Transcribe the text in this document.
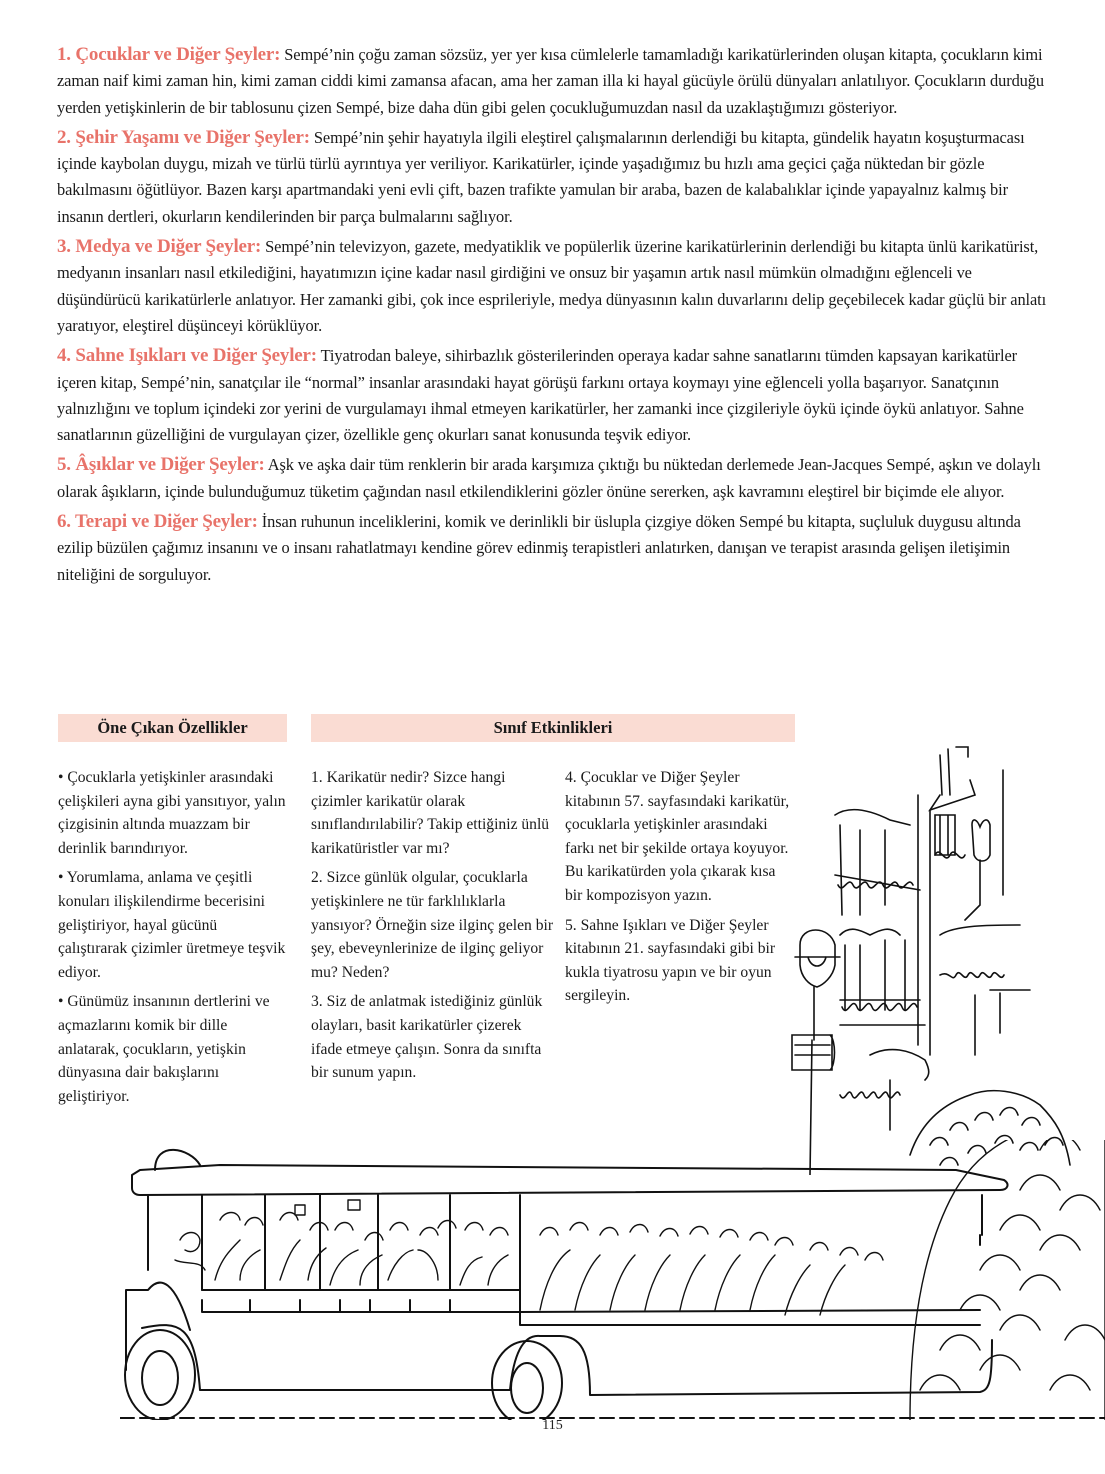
1. Çocuklar ve Diğer Şeyler: Sempé’nin çoğu zaman sözsüz, yer yer kısa cümlelerle tamamladığı karikatürlerinden oluşan kitapta, çocukların kimi zaman naif kimi zaman hin, kimi zaman ciddi kimi zamansa afacan, ama her zaman illa ki hayal gücüyle örülü dünyaları anlatılıyor. Çocukların durduğu yerden yetişkinlerin de bir tablosunu çizen Sempé, bize daha dün gibi gelen çocukluğumuzdan nasıl da uzaklaştığımızı gösteriyor.

2. Şehir Yaşamı ve Diğer Şeyler: Sempé’nin şehir hayatıyla ilgili eleştirel çalışmalarının derlendiği bu kitapta, gündelik hayatın koşuşturmacası içinde kaybolan duygu, mizah ve türlü türlü ayrıntıya yer veriliyor. Karikatürler, içinde yaşadığımız bu hızlı ama geçici çağa nüktedan bir gözle bakılmasını öğütlüyor. Bazen karşı apartmandaki yeni evli çift, bazen trafikte yamulan bir araba, bazen de kalabalıklar içinde yapayalnız kalmış bir insanın dertleri, okurların kendilerinden bir parça bulmalarını sağlıyor.

3. Medya ve Diğer Şeyler: Sempé’nin televizyon, gazete, medyatiklik ve popülerlik üzerine karikatürlerinin derlendiği bu kitapta ünlü karikatürist, medyanın insanları nasıl etkilediğini, hayatımızın içine kadar nasıl girdiğini ve onsuz bir yaşamın artık nasıl mümkün olmadığını eğlenceli ve düşündürücü karikatürlerle anlatıyor. Her zamanki gibi, çok ince esprileriyle, medya dünyasının kalın duvarlarını delip geçebilecek kadar güçlü bir anlatı yaratıyor, eleştirel düşünceyi körüklüyor.

4. Sahne Işıkları ve Diğer Şeyler: Tiyatrodan baleye, sihirbazlık gösterilerinden operaya kadar sahne sanatlarını tümden kapsayan karikatürler içeren kitap, Sempé’nin, sanatçılar ile “normal” insanlar arasındaki hayat görüşü farkını ortaya koymayı yine eğlenceli yolla başarıyor. Sanatçının yalnızlığını ve toplum içindeki zor yerini de vurgulamayı ihmal etmeyen karikatürler, her zamanki ince çizgileriyle öykü içinde öykü anlatıyor. Sahne sanatlarının güzelliğini de vurgulayan çizer, özellikle genç okurları sanat konusunda teşvik ediyor.

5. Âşıklar ve Diğer Şeyler: Aşk ve aşka dair tüm renklerin bir arada karşımıza çıktığı bu nüktedan derlemede Jean-Jacques Sempé, aşkın ve dolaylı olarak âşıkların, içinde bulunduğumuz tüketim çağından nasıl etkilendiklerini gözler önüne sererken, aşk kavramını eleştirel bir biçimde ele alıyor.

6. Terapi ve Diğer Şeyler: İnsan ruhunun inceliklerini, komik ve derinlikli bir üslupla çizgiye döken Sempé bu kitapta, suçluluk duygusu altında ezilip büzülen çağımız insanını ve o insanı rahatlatmayı kendine görev edinmiş terapistleri anlatırken, danışan ve terapist arasında gelişen iletişimin niteliğini de sorguluyor.

Öne Çıkan Özellikler	Sınıf Etkinlikleri

• Çocuklarla yetişkinler arasındaki çelişkileri ayna gibi yansıtıyor, yalın çizgisinin altında muazzam bir derinlik barındırıyor.

• Yorumlama, anlama ve çeşitli konuları ilişkilendirme becerisini geliştiriyor, hayal gücünü çalıştırarak çizimler üretmeye teşvik ediyor.

• Günümüz insanının dertlerini ve açmazlarını komik bir dille anlatarak, çocukların, yetişkin dünyasına dair bakışlarını geliştiriyor.

1. Karikatür nedir? Sizce hangi çizimler karikatür olarak sınıflandırılabilir? Takip ettiğiniz ünlü karikatüristler var mı?

2. Sizce günlük olgular, çocuklarla yetişkinlere ne tür farklılıklarla yansıyor? Örneğin size ilginç gelen bir şey, ebeveynlerinize de ilginç geliyor mu? Neden?

3. Siz de anlatmak istediğiniz günlük olayları, basit karikatürler çizerek ifade etmeye çalışın. Sonra da sınıfta bir sunum yapın.

4. Çocuklar ve Diğer Şeyler kitabının 57. sayfasındaki karikatür, çocuklarla yetişkinler arasındaki farkı net bir şekilde ortaya koyuyor. Bu karikatürden yola çıkarak kısa bir kompozisyon yazın.

5. Sahne Işıkları ve Diğer Şeyler kitabının 21. sayfasındaki gibi bir kukla tiyatrosu yapın ve bir oyun sergileyin.

115
